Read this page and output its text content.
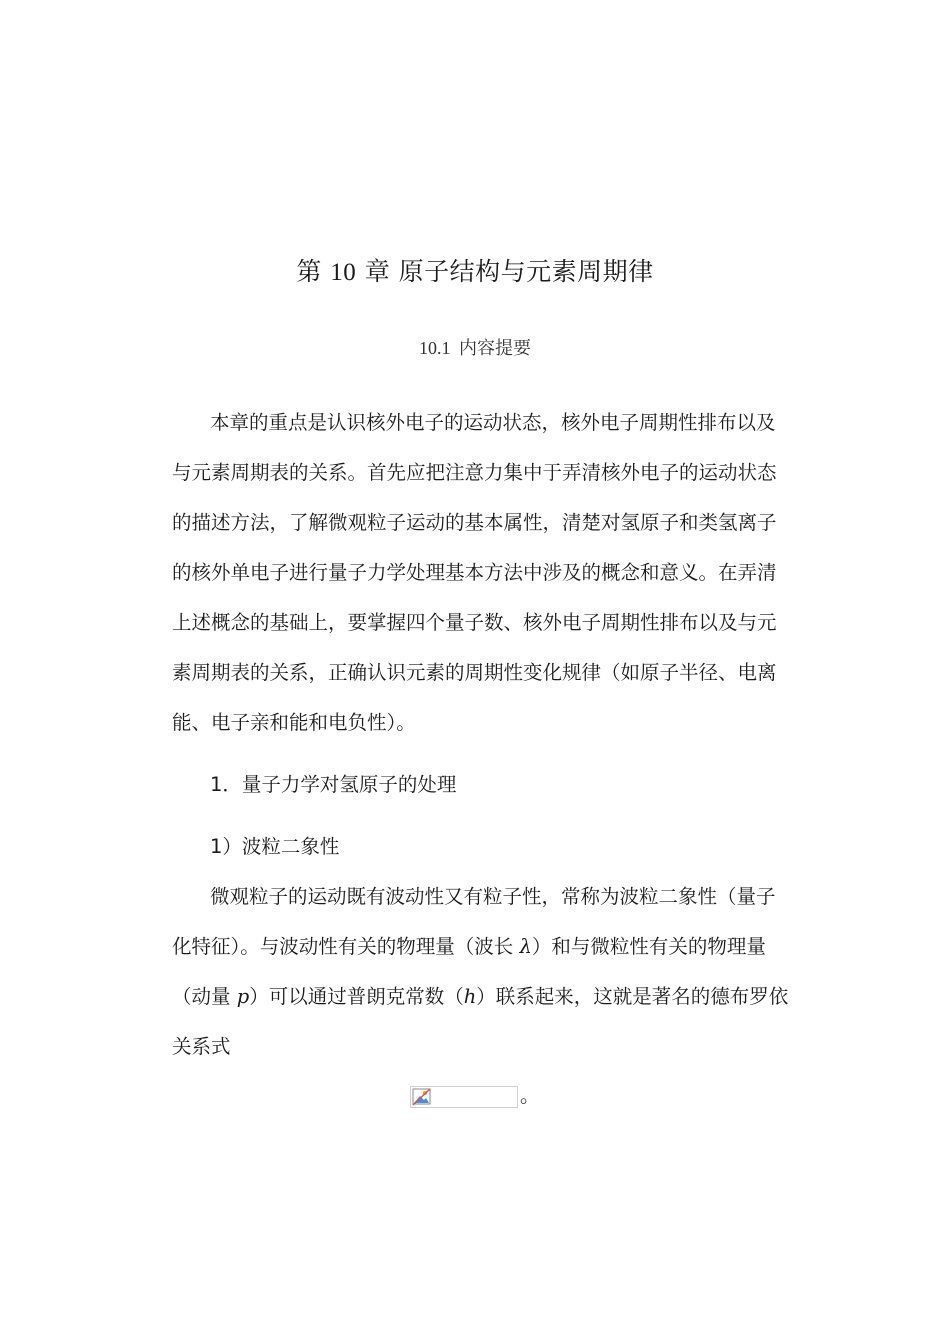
第 10 章 原子结构与元素周期律
10.1 内容提要
本章的重点是认识核外电子的运动状态，核外电子周期性排布以及
与元素周期表的关系。首先应把注意力集中于弄清核外电子的运动状态
的描述方法，了解微观粒子运动的基本属性，清楚对氢原子和类氢离子
的核外单电子进行量子力学处理基本方法中涉及的概念和意义。在弄清
上述概念的基础上，要掌握四个量子数、核外电子周期性排布以及与元
素周期表的关系，正确认识元素的周期性变化规律（如原子半径、电离
能、电子亲和能和电负性）。
1．量子力学对氢原子的处理
1）波粒二象性
微观粒子的运动既有波动性又有粒子性，常称为波粒二象性（量子
化特征）。与波动性有关的物理量（波长 λ）和与微粒性有关的物理量
（动量 p）可以通过普朗克常数（h）联系起来，这就是著名的德布罗依
关系式
。
